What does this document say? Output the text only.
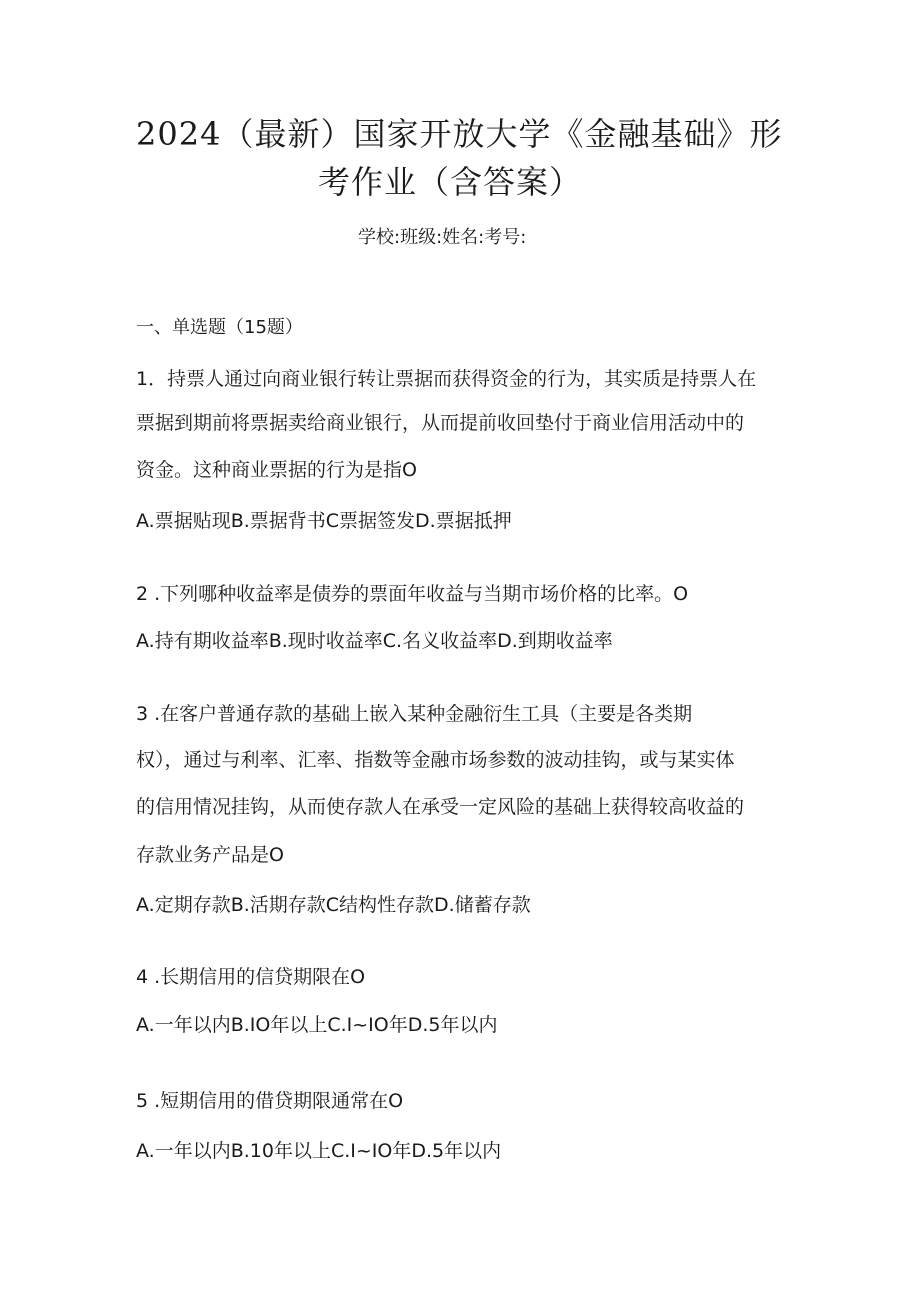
2024（最新）国家开放大学《金融基础》形
考作业（含答案）
学校:班级:姓名:考号:
一、单选题（15题）
1．持票人通过向商业银行转让票据而获得资金的行为，其实质是持票人在
票据到期前将票据卖给商业银行，从而提前收回垫付于商业信用活动中的
资金。这种商业票据的行为是指O
A.票据贴现B.票据背书C票据签发D.票据抵押
2 .下列哪种收益率是债券的票面年收益与当期市场价格的比率。O
A.持有期收益率B.现时收益率C.名义收益率D.到期收益率
3 .在客户普通存款的基础上嵌入某种金融衍生工具（主要是各类期
权），通过与利率、汇率、指数等金融市场参数的波动挂钩，或与某实体
的信用情况挂钩，从而使存款人在承受一定风险的基础上获得较高收益的
存款业务产品是O
A.定期存款B.活期存款C结构性存款D.储蓄存款
4 .长期信用的信贷期限在O
A.一年以内B.IO年以上C.I~IO年D.5年以内
5 .短期信用的借贷期限通常在O
A.一年以内B.10年以上C.I~IO年D.5年以内
